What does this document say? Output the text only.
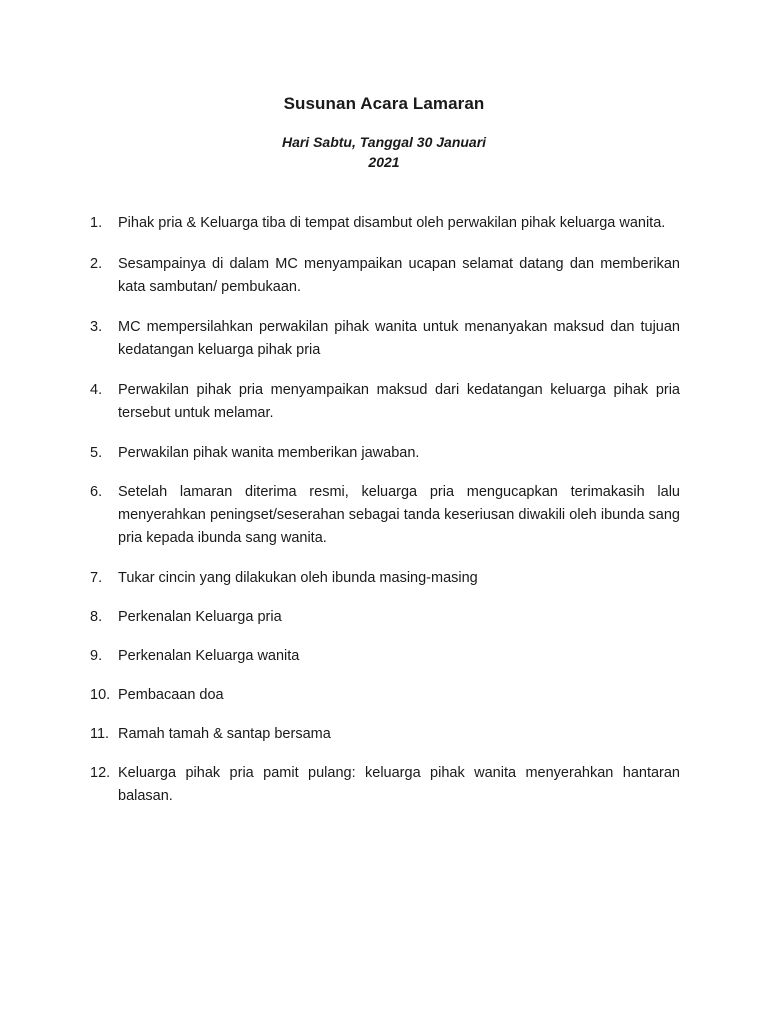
Susunan Acara Lamaran
Hari Sabtu, Tanggal 30 Januari
2021
1.	Pihak pria & Keluarga tiba di tempat disambut oleh perwakilan pihak keluarga wanita.
2.	Sesampainya di dalam MC menyampaikan ucapan selamat datang dan memberikan kata sambutan/ pembukaan.
3.	MC mempersilahkan perwakilan pihak wanita untuk menanyakan maksud dan tujuan kedatangan keluarga pihak pria
4.	Perwakilan pihak pria menyampaikan maksud dari kedatangan keluarga pihak pria tersebut untuk melamar.
5.	Perwakilan pihak wanita memberikan jawaban.
6.	Setelah lamaran diterima resmi, keluarga pria mengucapkan terimakasih lalu menyerahkan peningset/seserahan sebagai tanda keseriusan diwakili oleh ibunda sang pria kepada ibunda sang wanita.
7.	Tukar cincin yang dilakukan oleh ibunda masing-masing
8.	Perkenalan Keluarga pria
9.	Perkenalan Keluarga wanita
10. Pembacaan doa
11. Ramah tamah & santap bersama
12. Keluarga pihak pria pamit pulang: keluarga pihak wanita menyerahkan hantaran balasan.
